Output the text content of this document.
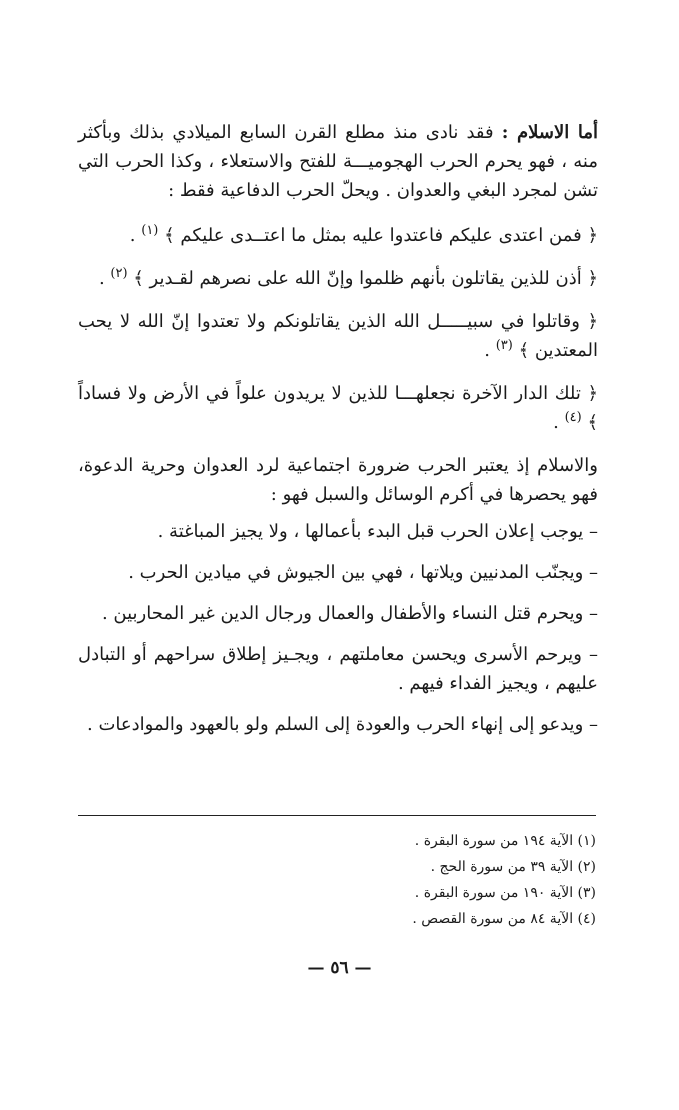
أما الاسلام : فقد نادى منذ مطلع القرن السابع الميلادي بذلك وبأكثر منه ، فهو يحرم الحرب الهجوميـــة للفتح والاستعلاء ، وكذا الحرب التي تشن لمجرد البغي والعدوان . ويحلّ الحرب الدفاعية فقط :

﴿ فمن اعتدى عليكم فاعتدوا عليه بمثل ما اعتــدى عليكم ﴾ $^{(١)}$ .

﴿ أذن للذين يقاتلون بأنهم ظلموا وإنّ الله على نصرهم لقـدير ﴾ $^{(٢)}$ .

﴿ وقاتلوا في سبيـــــل الله الذين يقاتلونكم ولا تعتدوا إنّ الله لا يحب المعتدين ﴾ $^{(٣)}$ .

﴿ تلك الدار الآخرة نجعلهـــا للذين لا يريدون علواً في الأرض ولا فساداً ﴾ $^{(٤)}$ .

والاسلام إذ يعتبر الحرب ضرورة اجتماعية لرد العدوان وحرية الدعوة، فهو يحصرها في أكرم الوسائل والسبل فهو :

– يوجب إعلان الحرب قبل البدء بأعمالها ، ولا يجيز المباغتة .

– ويجنّب المدنيين ويلاتها ، فهي بين الجيوش في ميادين الحرب .

– ويحرم قتل النساء والأطفال والعمال ورجال الدين غير المحاربين .

– ويرحم الأسرى ويحسن معاملتهم ، ويجـيز إطلاق سراحهم أو التبادل عليهم ، ويجيز الفداء فيهم .

– ويدعو إلى إنهاء الحرب والعودة إلى السلم ولو بالعهود والموادعات .

(١) الآية ١٩٤ من سورة البقرة .

(٢) الآية ٣٩ من سورة الحج .

(٣) الآية ١٩٠ من سورة البقرة .

(٤) الآية ٨٤ من سورة القصص .

— ٥٦ —
